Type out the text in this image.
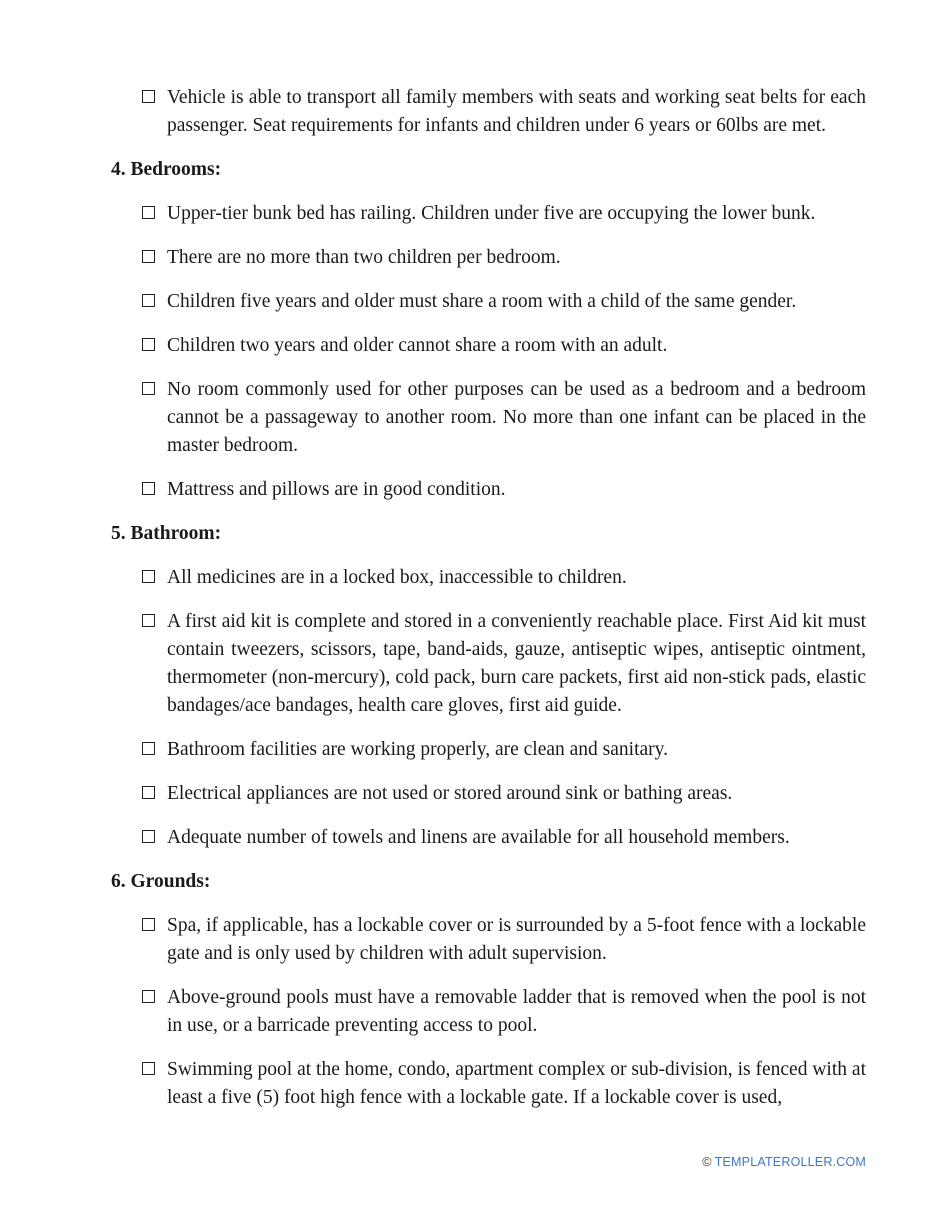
Vehicle is able to transport all family members with seats and working seat belts for each passenger. Seat requirements for infants and children under 6 years or 60lbs are met.
4. Bedrooms:
Upper-tier bunk bed has railing. Children under five are occupying the lower bunk.
There are no more than two children per bedroom.
Children five years and older must share a room with a child of the same gender.
Children two years and older cannot share a room with an adult.
No room commonly used for other purposes can be used as a bedroom and a bedroom cannot be a passageway to another room. No more than one infant can be placed in the master bedroom.
Mattress and pillows are in good condition.
5. Bathroom:
All medicines are in a locked box, inaccessible to children.
A first aid kit is complete and stored in a conveniently reachable place. First Aid kit must contain tweezers, scissors, tape, band-aids, gauze, antiseptic wipes, antiseptic ointment, thermometer (non-mercury), cold pack, burn care packets, first aid non-stick pads, elastic bandages/ace bandages, health care gloves, first aid guide.
Bathroom facilities are working properly, are clean and sanitary.
Electrical appliances are not used or stored around sink or bathing areas.
Adequate number of towels and linens are available for all household members.
6. Grounds:
Spa, if applicable, has a lockable cover or is surrounded by a 5-foot fence with a lockable gate and is only used by children with adult supervision.
Above-ground pools must have a removable ladder that is removed when the pool is not in use, or a barricade preventing access to pool.
Swimming pool at the home, condo, apartment complex or sub-division, is fenced with at least a five (5) foot high fence with a lockable gate. If a lockable cover is used,
© TEMPLATEROLLER.COM
